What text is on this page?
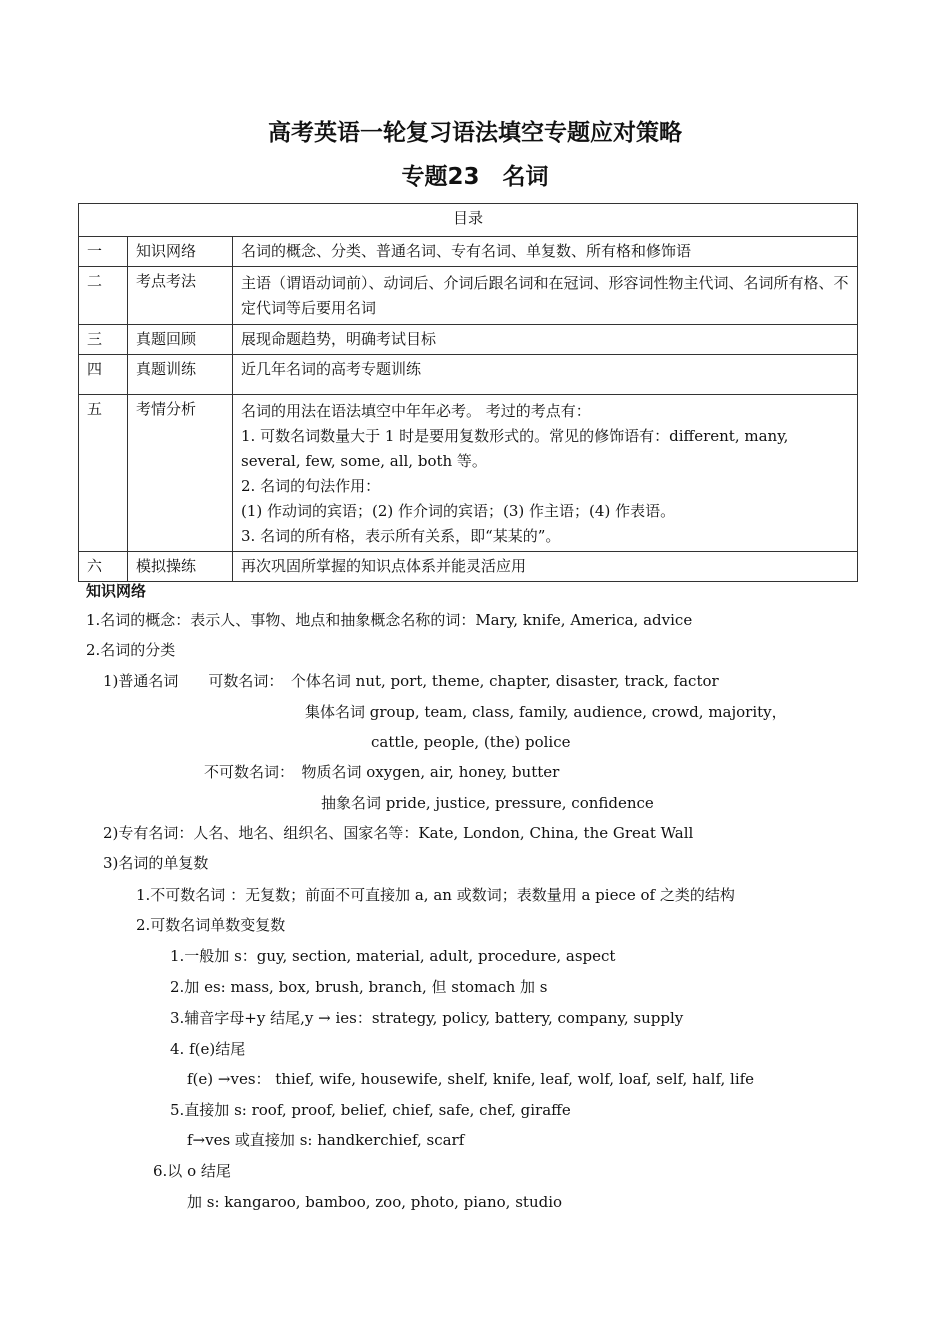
高考英语一轮复习语法填空专题应对策略
专题23　名词
目录		
一	知识网络	名词的概念、分类、普通名词、专有名词、单复数、所有格和修饰语

二	考点考法	主语（谓语动词前）、动词后、介词后跟名词和在冠词、形容词性物主代词、名词所有格、不定代词等后要用名词

三	真题回顾	展现命题趋势，明确考试目标

四	真题训练	近几年名词的高考专题训练

五	考情分析	名词的用法在语法填空中年年必考。 考过的考点有：
1. 可数名词数量大于 1 时是要用复数形式的。常见的修饰语有：different, many, several, few, some, all, both 等。
2. 名词的句法作用：
(1) 作动词的宾语；(2) 作介词的宾语；(3) 作主语；(4) 作表语。
3. 名词的所有格，表示所有关系，即“某某的”。

六	模拟操练	再次巩固所掌握的知识点体系并能灵活应用
知识网络
1.名词的概念：表示人、事物、地点和抽象概念名称的词：Mary, knife, America, advice
2.名词的分类
1)普通名词　　可数名词：　个体名词 nut, port, theme, chapter, disaster, track, factor
集体名词 group, team, class, family, audience, crowd, majority，
cattle, people, (the) police
不可数名词：　物质名词 oxygen, air, honey, butter
抽象名词 pride, justice, pressure, confidence
2)专有名词：人名、地名、组织名、国家名等：Kate, London, China, the Great Wall
3)名词的单复数
1.不可数名词 ：无复数；前面不可直接加 a, an 或数词；表数量用 a piece of 之类的结构
2.可数名词单数变复数
1.一般加 s：guy, section, material, adult, procedure, aspect
2.加 es: mass, box, brush, branch, 但 stomach 加 s
3.辅音字母+y 结尾,y → ies：strategy, policy, battery, company, supply
4. f(e)结尾
f(e) →ves： thief, wife, housewife, shelf, knife, leaf, wolf, loaf, self, half, life
5.直接加 s: roof, proof, belief, chief, safe, chef, giraffe
f→ves 或直接加 s: handkerchief, scarf
6.以 o 结尾
加 s: kangaroo, bamboo, zoo, photo, piano, studio
